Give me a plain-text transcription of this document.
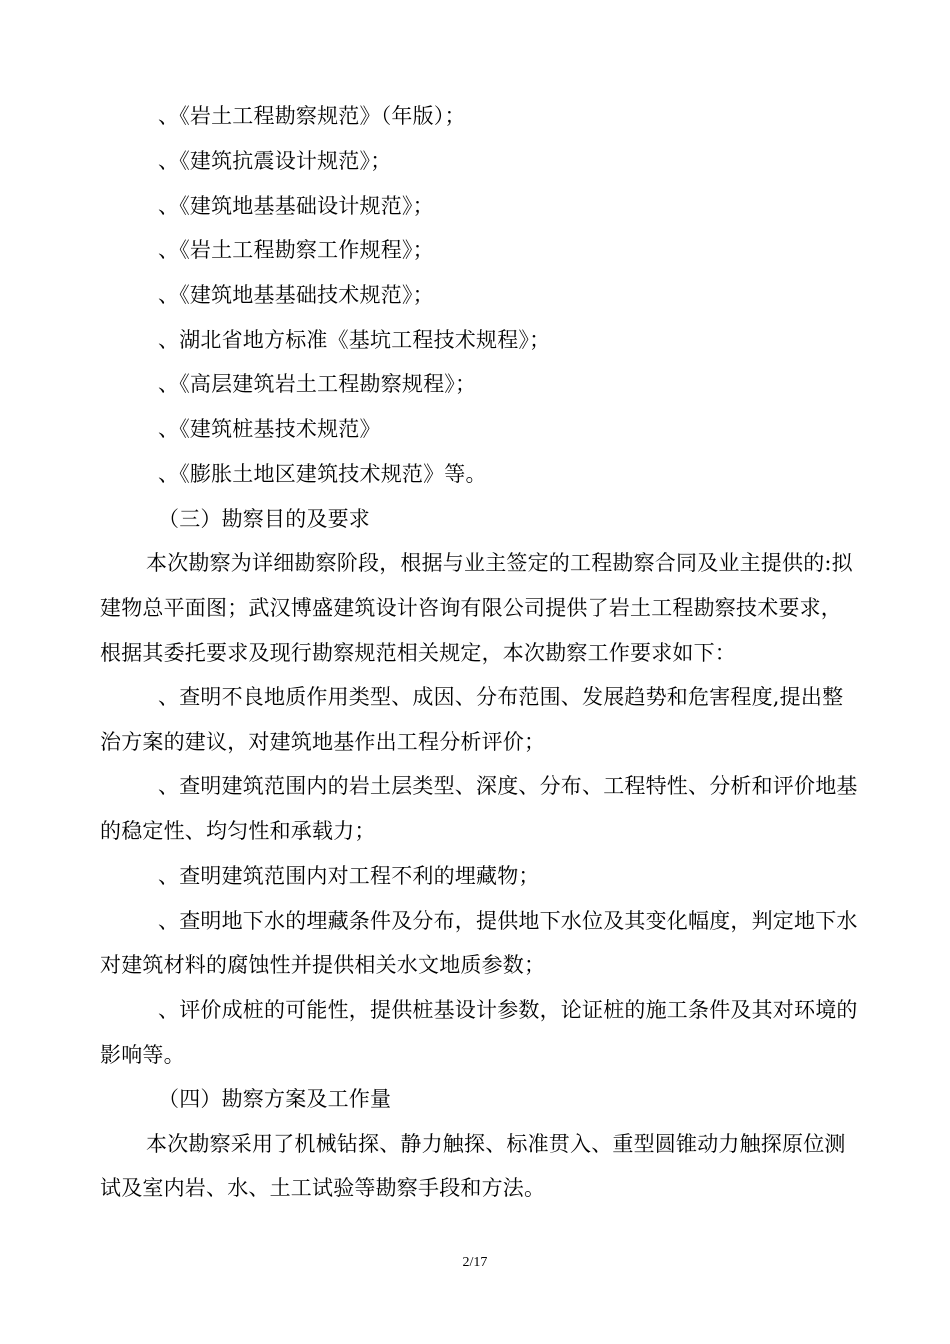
、《岩土工程勘察规范》（年版）；
、《建筑抗震设计规范》；
、《建筑地基基础设计规范》；
、《岩土工程勘察工作规程》；
、《建筑地基基础技术规范》；
、湖北省地方标准《基坑工程技术规程》；
、《高层建筑岩土工程勘察规程》；
、《建筑桩基技术规范》
、《膨胀土地区建筑技术规范》等。
（三）勘察目的及要求
本次勘察为详细勘察阶段，根据与业主签定的工程勘察合同及业主提供的:拟
建物总平面图；武汉博盛建筑设计咨询有限公司提供了岩土工程勘察技术要求，
根据其委托要求及现行勘察规范相关规定，本次勘察工作要求如下：
、查明不良地质作用类型、成因、分布范围、发展趋势和危害程度,提出整
治方案的建议，对建筑地基作出工程分析评价；
、查明建筑范围内的岩土层类型、深度、分布、工程特性、分析和评价地基
的稳定性、均匀性和承载力；
、查明建筑范围内对工程不利的埋藏物；
、查明地下水的埋藏条件及分布，提供地下水位及其变化幅度，判定地下水
对建筑材料的腐蚀性并提供相关水文地质参数；
、评价成桩的可能性，提供桩基设计参数，论证桩的施工条件及其对环境的
影响等。
（四）勘察方案及工作量
本次勘察采用了机械钻探、静力触探、标准贯入、重型圆锥动力触探原位测
试及室内岩、水、土工试验等勘察手段和方法。
2/17
